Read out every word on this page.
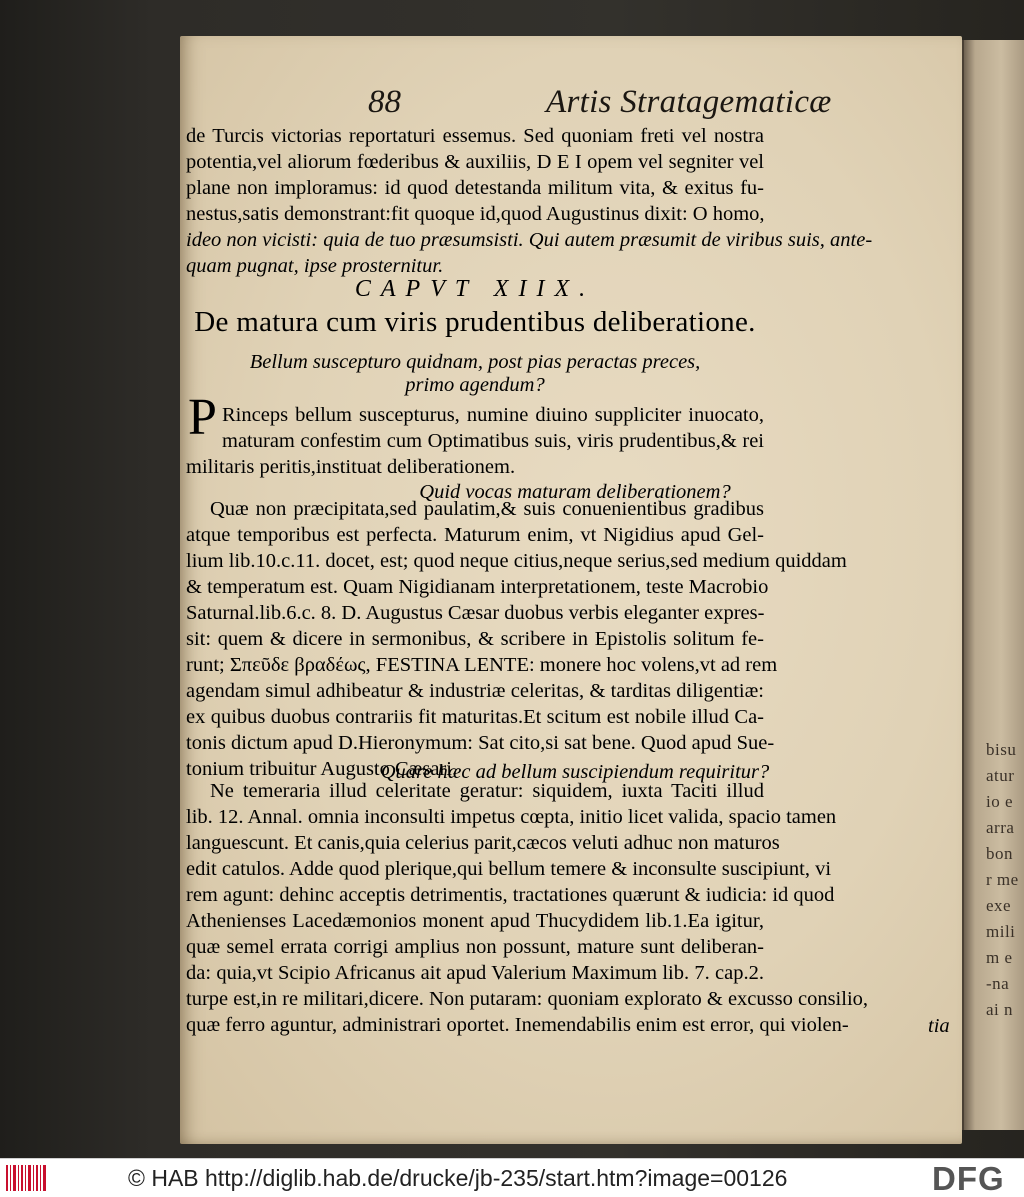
bisu
atur
io e
arra
bon
r me
exe
mili
m e
-na
ai n
88	Artis Stratagematicæ
de Turcis victorias reportaturi essemus. Sed quoniam freti vel nostra
potentia,vel aliorum fœderibus & auxiliis, D E I opem vel segniter vel
plane non imploramus: id quod detestanda militum vita, & exitus fu-
nestus,satis demonstrant:fit quoque id,quod Augustinus dixit: O homo,
ideo non vicisti: quia de tuo præsumsisti. Qui autem præsumit de viribus suis, ante-
quam pugnat, ipse prosternitur.
CAPVT XIIX.
De matura cum viris prudentibus deliberatione.
Bellum suscepturo quidnam, post pias peractas preces,
primo agendum?
P Rinceps bellum suscepturus, numine diuino suppliciter inuocato,
maturam confestim cum Optimatibus suis, viris prudentibus,& rei
militaris peritis,instituat deliberationem.
Quid vocas maturam deliberationem?
Quæ non præcipitata,sed paulatim,& suis conuenientibus gradibus
atque temporibus est perfecta. Maturum enim, vt Nigidius apud Gel-
lium lib.10.c.11. docet, est; quod neque citius,neque serius,sed medium quiddam
& temperatum est. Quam Nigidianam interpretationem, teste Macrobio
Saturnal.lib.6.c. 8. D. Augustus Cæsar duobus verbis eleganter expres-
sit: quem & dicere in sermonibus, & scribere in Epistolis solitum fe-
runt; Σπεῦδε βραδέως, FESTINA LENTE: monere hoc volens,vt ad rem
agendam simul adhibeatur & industriæ celeritas, & tarditas diligentiæ:
ex quibus duobus contrariis fit maturitas.Et scitum est nobile illud Ca-
tonis dictum apud D.Hieronymum: Sat cito,si sat bene. Quod apud Sue-
tonium tribuitur Augusto Cæsari.
Quare hæc ad bellum suscipiendum requiritur?
Ne temeraria illud celeritate geratur: siquidem, iuxta Taciti illud
lib. 12. Annal. omnia inconsulti impetus cœpta, initio licet valida, spacio tamen
languescunt. Et canis,quia celerius parit,cæcos veluti adhuc non maturos
edit catulos. Adde quod plerique,qui bellum temere & inconsulte suscipiunt, vi
rem agunt: dehinc acceptis detrimentis, tractationes quærunt & iudicia: id quod
Athenienses Lacedæmonios monent apud Thucydidem lib.1.Ea igitur,
quæ semel errata corrigi amplius non possunt, mature sunt deliberan-
da: quia,vt Scipio Africanus ait apud Valerium Maximum lib. 7. cap.2.
turpe est,in re militari,dicere. Non putaram: quoniam explorato & excusso consilio,
quæ ferro aguntur, administrari oportet. Inemendabilis enim est error, qui violen-	tia
© HAB http://diglib.hab.de/drucke/jb-235/start.htm?image=00126	DFG
